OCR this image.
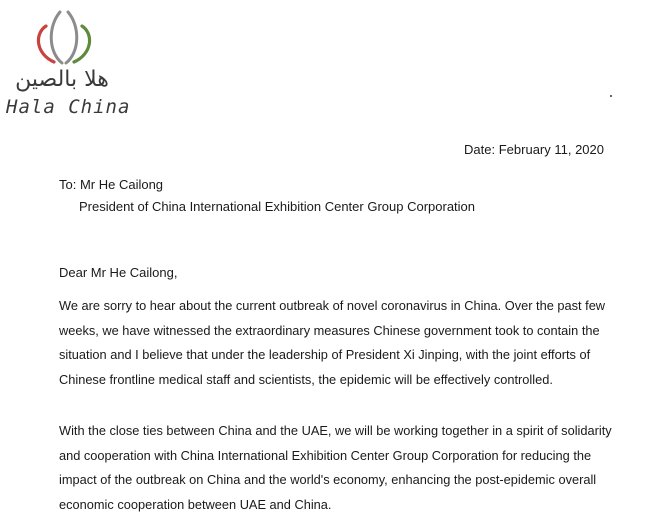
هلا بالصين
Hala China
Date: February 11, 2020
To: Mr He Cailong
President of China International Exhibition Center Group Corporation
Dear Mr He Cailong,

We are sorry to hear about the current outbreak of novel coronavirus in China. Over the past few weeks, we have witnessed the extraordinary measures Chinese government took to contain the situation and I believe that under the leadership of President Xi Jinping, with the joint efforts of Chinese frontline medical staff and scientists, the epidemic will be effectively controlled.

With the close ties between China and the UAE, we will be working together in a spirit of solidarity and cooperation with China International Exhibition Center Group Corporation for reducing the impact of the outbreak on China and the world's economy, enhancing the post-epidemic overall economic cooperation between UAE and China.
